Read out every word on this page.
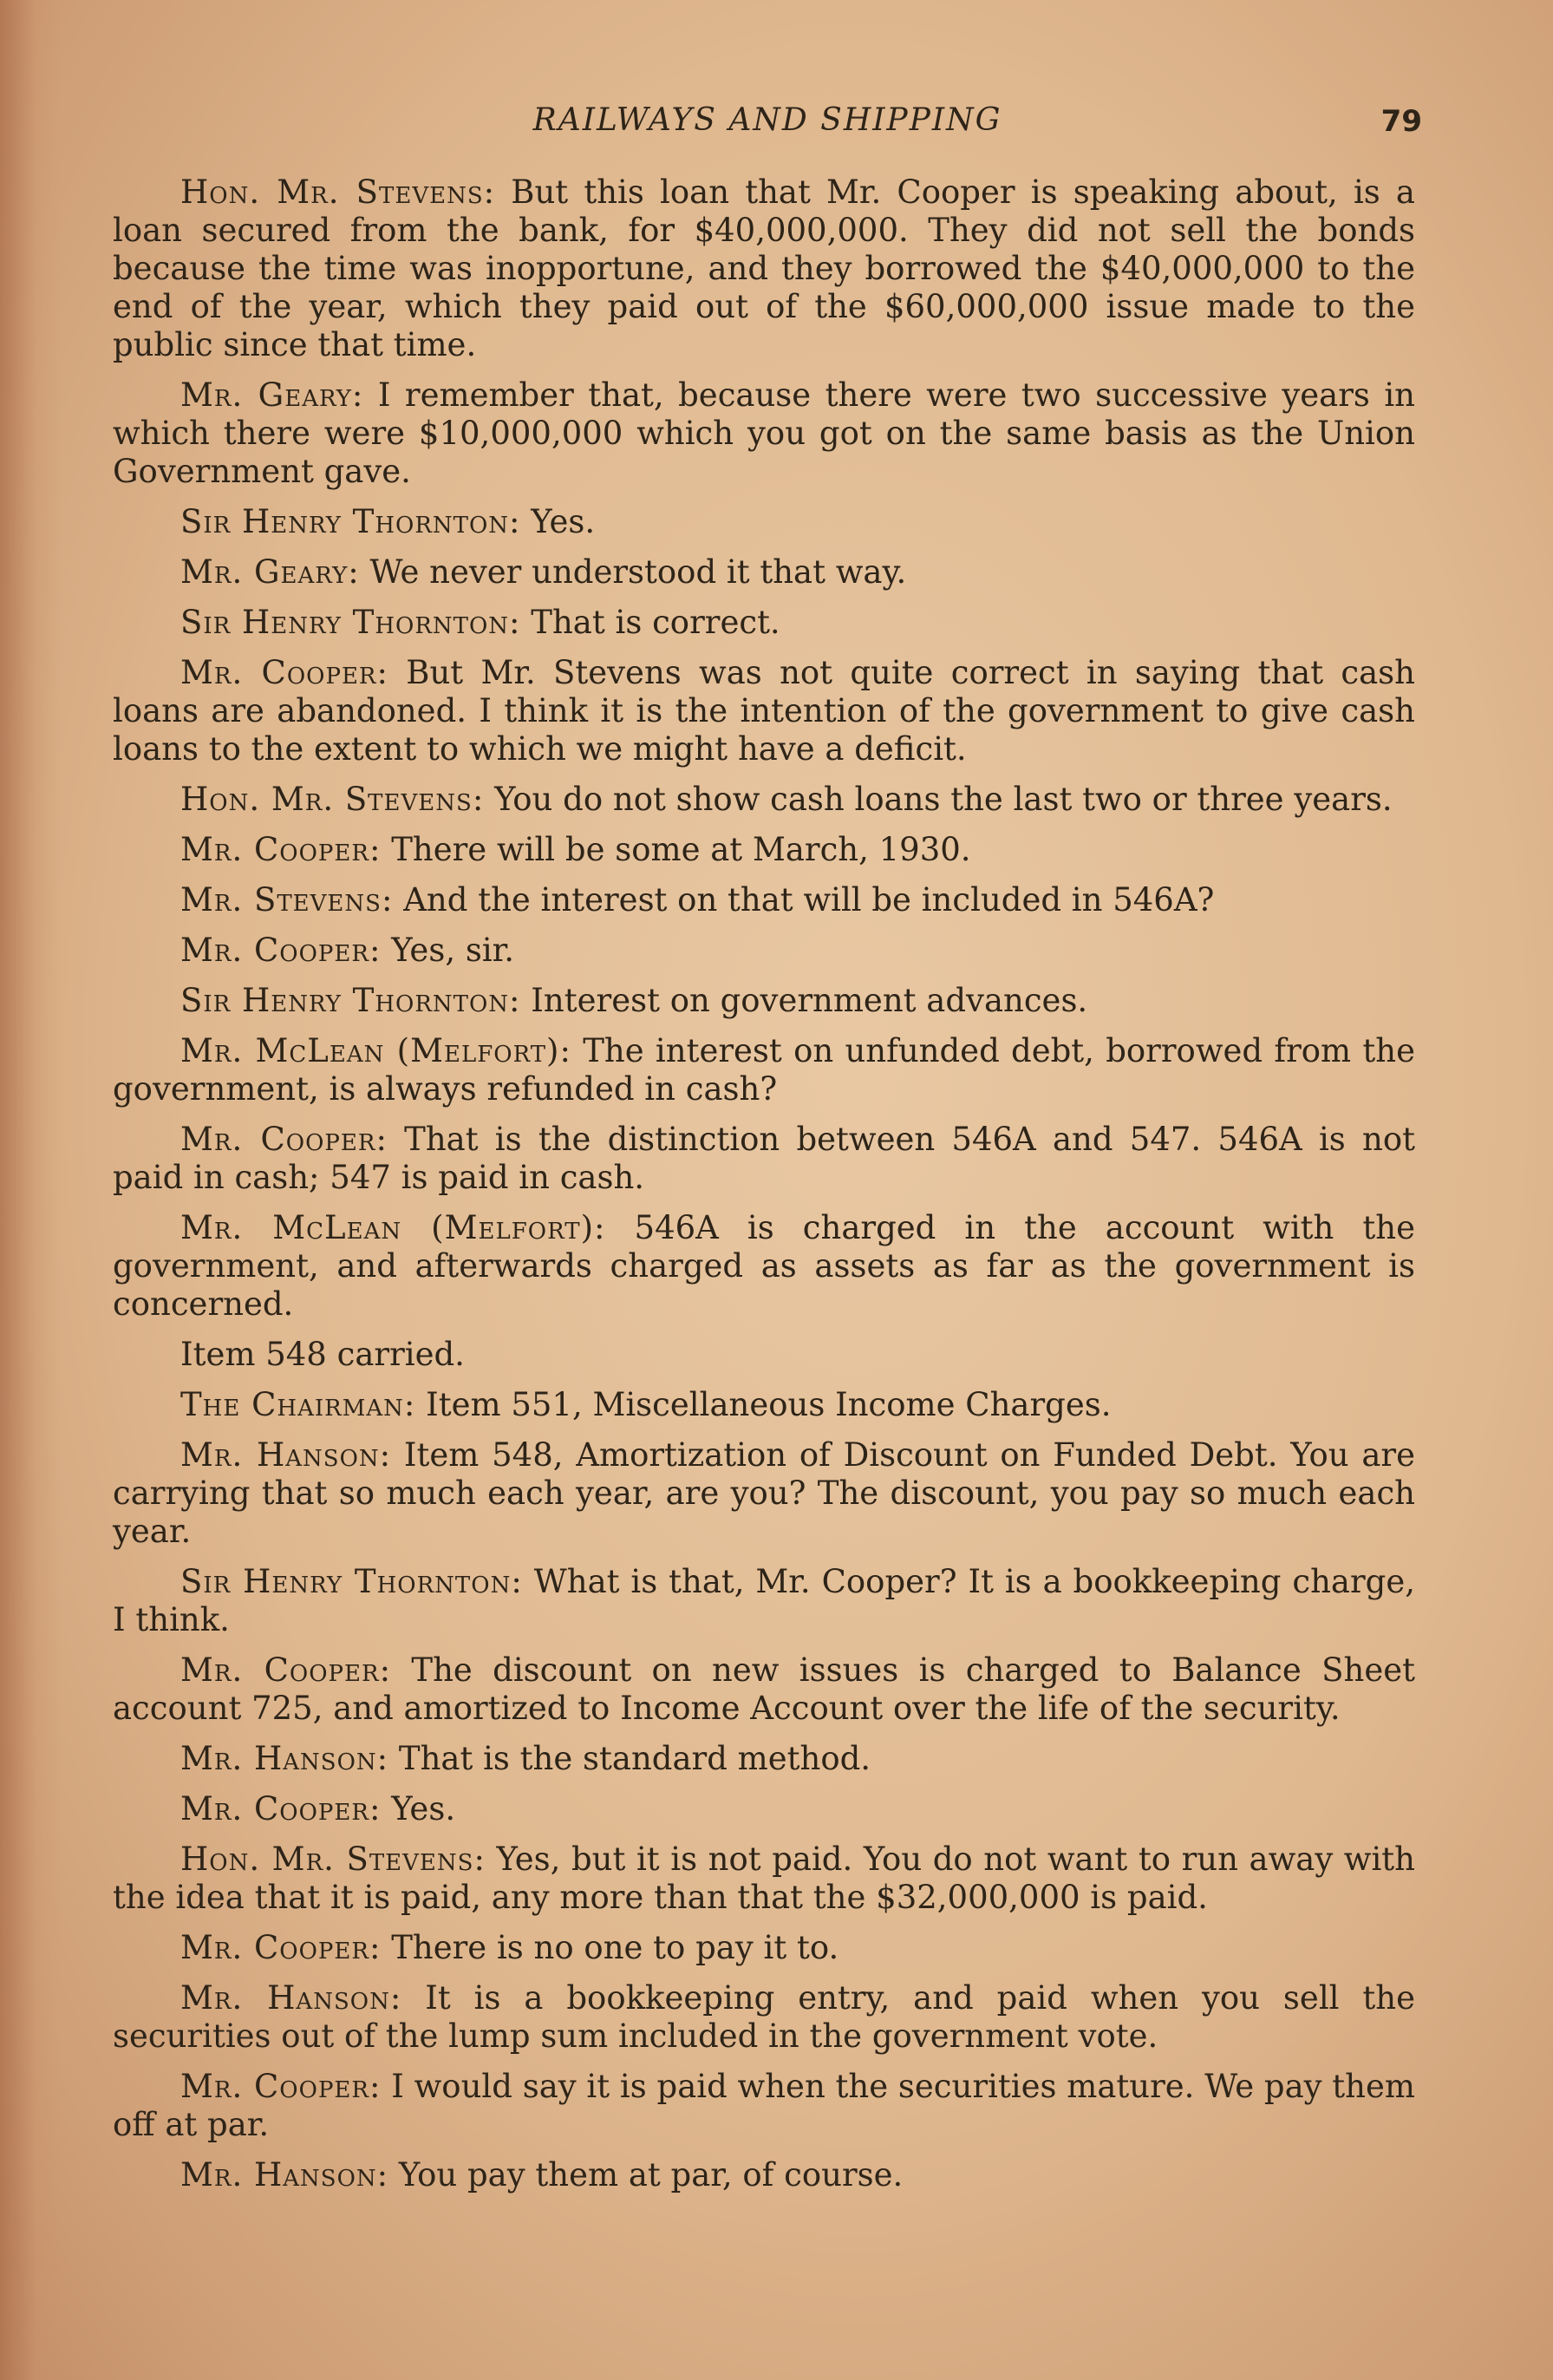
RAILWAYS AND SHIPPING	79

Hon. Mr. Stevens: But this loan that Mr. Cooper is speaking about, is a loan secured from the bank, for $40,000,000. They did not sell the bonds because the time was inopportune, and they borrowed the $40,000,000 to the end of the year, which they paid out of the $60,000,000 issue made to the public since that time.

Mr. Geary: I remember that, because there were two successive years in which there were $10,000,000 which you got on the same basis as the Union Government gave.

Sir Henry Thornton: Yes.

Mr. Geary: We never understood it that way.

Sir Henry Thornton: That is correct.

Mr. Cooper: But Mr. Stevens was not quite correct in saying that cash loans are abandoned. I think it is the intention of the government to give cash loans to the extent to which we might have a deficit.

Hon. Mr. Stevens: You do not show cash loans the last two or three years.

Mr. Cooper: There will be some at March, 1930.

Mr. Stevens: And the interest on that will be included in 546A?

Mr. Cooper: Yes, sir.

Sir Henry Thornton: Interest on government advances.

Mr. McLean (Melfort): The interest on unfunded debt, borrowed from the government, is always refunded in cash?

Mr. Cooper: That is the distinction between 546A and 547. 546A is not paid in cash; 547 is paid in cash.

Mr. McLean (Melfort): 546A is charged in the account with the government, and afterwards charged as assets as far as the government is concerned.

Item 548 carried.

The Chairman: Item 551, Miscellaneous Income Charges.

Mr. Hanson: Item 548, Amortization of Discount on Funded Debt. You are carrying that so much each year, are you? The discount, you pay so much each year.

Sir Henry Thornton: What is that, Mr. Cooper? It is a bookkeeping charge, I think.

Mr. Cooper: The discount on new issues is charged to Balance Sheet account 725, and amortized to Income Account over the life of the security.

Mr. Hanson: That is the standard method.

Mr. Cooper: Yes.

Hon. Mr. Stevens: Yes, but it is not paid. You do not want to run away with the idea that it is paid, any more than that the $32,000,000 is paid.

Mr. Cooper: There is no one to pay it to.

Mr. Hanson: It is a bookkeeping entry, and paid when you sell the securities out of the lump sum included in the government vote.

Mr. Cooper: I would say it is paid when the securities mature. We pay them off at par.

Mr. Hanson: You pay them at par, of course.
